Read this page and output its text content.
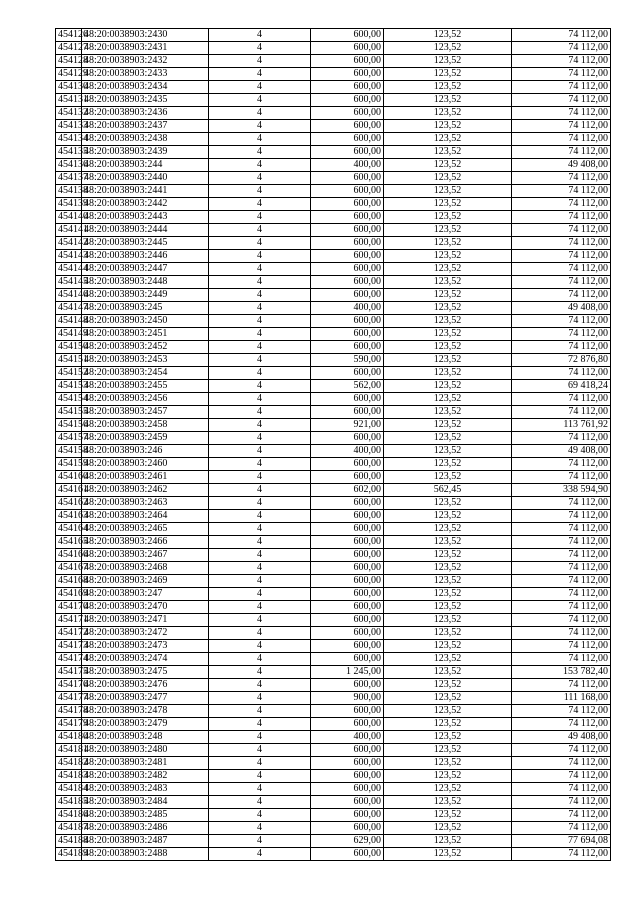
454126	48:20:0038903:2430	4	600,00	123,52	74 112,00
454127	48:20:0038903:2431	4	600,00	123,52	74 112,00
454128	48:20:0038903:2432	4	600,00	123,52	74 112,00
454129	48:20:0038903:2433	4	600,00	123,52	74 112,00
454130	48:20:0038903:2434	4	600,00	123,52	74 112,00
454131	48:20:0038903:2435	4	600,00	123,52	74 112,00
454132	48:20:0038903:2436	4	600,00	123,52	74 112,00
454133	48:20:0038903:2437	4	600,00	123,52	74 112,00
454134	48:20:0038903:2438	4	600,00	123,52	74 112,00
454135	48:20:0038903:2439	4	600,00	123,52	74 112,00
454136	48:20:0038903:244	4	400,00	123,52	49 408,00
454137	48:20:0038903:2440	4	600,00	123,52	74 112,00
454138	48:20:0038903:2441	4	600,00	123,52	74 112,00
454139	48:20:0038903:2442	4	600,00	123,52	74 112,00
454140	48:20:0038903:2443	4	600,00	123,52	74 112,00
454141	48:20:0038903:2444	4	600,00	123,52	74 112,00
454142	48:20:0038903:2445	4	600,00	123,52	74 112,00
454143	48:20:0038903:2446	4	600,00	123,52	74 112,00
454144	48:20:0038903:2447	4	600,00	123,52	74 112,00
454145	48:20:0038903:2448	4	600,00	123,52	74 112,00
454146	48:20:0038903:2449	4	600,00	123,52	74 112,00
454147	48:20:0038903:245	4	400,00	123,52	49 408,00
454148	48:20:0038903:2450	4	600,00	123,52	74 112,00
454149	48:20:0038903:2451	4	600,00	123,52	74 112,00
454150	48:20:0038903:2452	4	600,00	123,52	74 112,00
454151	48:20:0038903:2453	4	590,00	123,52	72 876,80
454152	48:20:0038903:2454	4	600,00	123,52	74 112,00
454153	48:20:0038903:2455	4	562,00	123,52	69 418,24
454154	48:20:0038903:2456	4	600,00	123,52	74 112,00
454155	48:20:0038903:2457	4	600,00	123,52	74 112,00
454156	48:20:0038903:2458	4	921,00	123,52	113 761,92
454157	48:20:0038903:2459	4	600,00	123,52	74 112,00
454158	48:20:0038903:246	4	400,00	123,52	49 408,00
454159	48:20:0038903:2460	4	600,00	123,52	74 112,00
454160	48:20:0038903:2461	4	600,00	123,52	74 112,00
454161	48:20:0038903:2462	4	602,00	562,45	338 594,90
454162	48:20:0038903:2463	4	600,00	123,52	74 112,00
454163	48:20:0038903:2464	4	600,00	123,52	74 112,00
454164	48:20:0038903:2465	4	600,00	123,52	74 112,00
454165	48:20:0038903:2466	4	600,00	123,52	74 112,00
454166	48:20:0038903:2467	4	600,00	123,52	74 112,00
454167	48:20:0038903:2468	4	600,00	123,52	74 112,00
454168	48:20:0038903:2469	4	600,00	123,52	74 112,00
454169	48:20:0038903:247	4	600,00	123,52	74 112,00
454170	48:20:0038903:2470	4	600,00	123,52	74 112,00
454171	48:20:0038903:2471	4	600,00	123,52	74 112,00
454172	48:20:0038903:2472	4	600,00	123,52	74 112,00
454173	48:20:0038903:2473	4	600,00	123,52	74 112,00
454174	48:20:0038903:2474	4	600,00	123,52	74 112,00
454175	48:20:0038903:2475	4	1 245,00	123,52	153 782,40
454176	48:20:0038903:2476	4	600,00	123,52	74 112,00
454177	48:20:0038903:2477	4	900,00	123,52	111 168,00
454178	48:20:0038903:2478	4	600,00	123,52	74 112,00
454179	48:20:0038903:2479	4	600,00	123,52	74 112,00
454180	48:20:0038903:248	4	400,00	123,52	49 408,00
454181	48:20:0038903:2480	4	600,00	123,52	74 112,00
454182	48:20:0038903:2481	4	600,00	123,52	74 112,00
454183	48:20:0038903:2482	4	600,00	123,52	74 112,00
454184	48:20:0038903:2483	4	600,00	123,52	74 112,00
454185	48:20:0038903:2484	4	600,00	123,52	74 112,00
454186	48:20:0038903:2485	4	600,00	123,52	74 112,00
454187	48:20:0038903:2486	4	600,00	123,52	74 112,00
454188	48:20:0038903:2487	4	629,00	123,52	77 694,08
454189	48:20:0038903:2488	4	600,00	123,52	74 112,00
